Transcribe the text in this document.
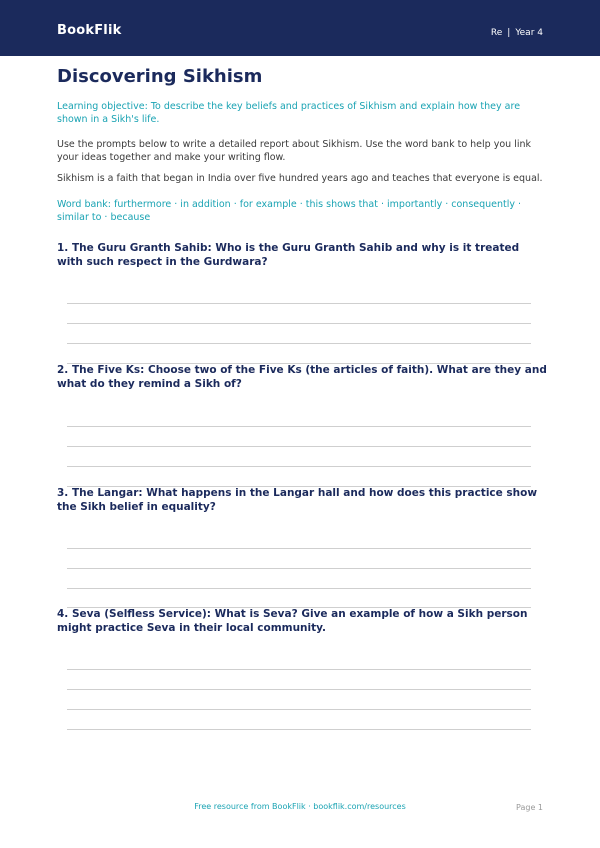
BookFlik	Re | Year 4
Discovering Sikhism

Learning objective: To describe the key beliefs and practices of Sikhism and explain how they are shown in a Sikh's life.

Use the prompts below to write a detailed report about Sikhism. Use the word bank to help you link your ideas together and make your writing flow.

Sikhism is a faith that began in India over five hundred years ago and teaches that everyone is equal.

Word bank: furthermore · in addition · for example · this shows that · importantly · consequently · similar to · because

1. The Guru Granth Sahib: Who is the Guru Granth Sahib and why is it treated with such respect in the Gurdwara?

2. The Five Ks: Choose two of the Five Ks (the articles of faith). What are they and what do they remind a Sikh of?

3. The Langar: What happens in the Langar hall and how does this practice show the Sikh belief in equality?

4. Seva (Selfless Service): What is Seva? Give an example of how a Sikh person might practice Seva in their local community.

Free resource from BookFlik · bookflik.com/resources	Page 1
